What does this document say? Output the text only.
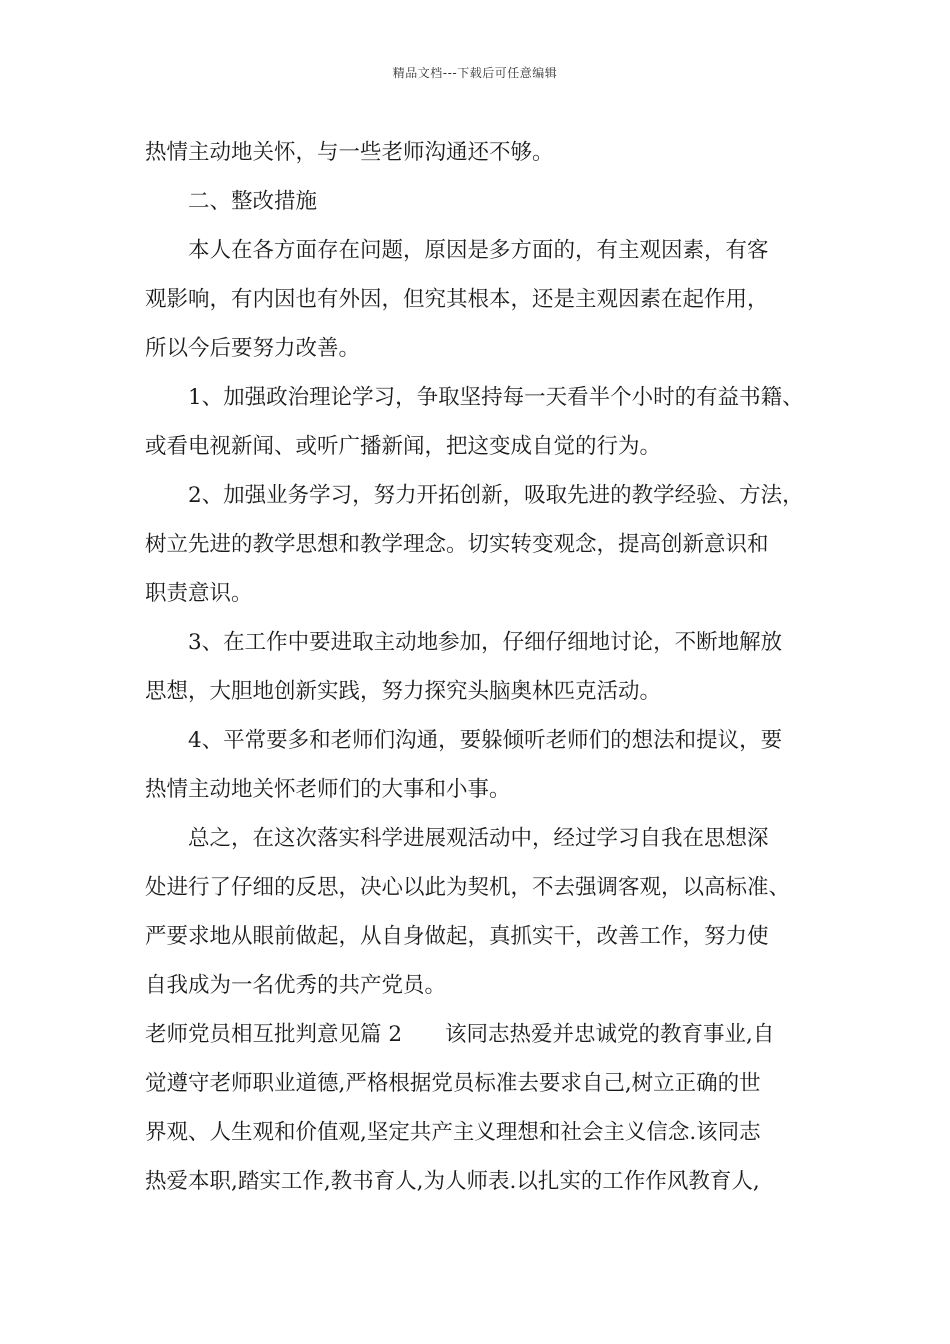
精品文档---下载后可任意编辑

热情主动地关怀，与一些老师沟通还不够。

二、整改措施

本人在各方面存在问题，原因是多方面的，有主观因素，有客

观影响，有内因也有外因，但究其根本，还是主观因素在起作用，

所以今后要努力改善。

1、加强政治理论学习，争取坚持每一天看半个小时的有益书籍、

或看电视新闻、或听广播新闻，把这变成自觉的行为。

2、加强业务学习，努力开拓创新，吸取先进的教学经验、方法，

树立先进的教学思想和教学理念。切实转变观念，提高创新意识和

职责意识。

3、在工作中要进取主动地参加，仔细仔细地讨论，不断地解放

思想，大胆地创新实践，努力探究头脑奥林匹克活动。

4、平常要多和老师们沟通，要躲倾听老师们的想法和提议，要

热情主动地关怀老师们的大事和小事。

总之，在这次落实科学进展观活动中，经过学习自我在思想深

处进行了仔细的反思，决心以此为契机，不去强调客观，以高标准、

严要求地从眼前做起，从自身做起，真抓实干，改善工作，努力使

自我成为一名优秀的共产党员。

老师党员相互批判意见篇 2　　该同志热爱并忠诚党的教育事业,自

觉遵守老师职业道德,严格根据党员标准去要求自己,树立正确的世

界观、人生观和价值观,坚定共产主义理想和社会主义信念.该同志

热爱本职,踏实工作,教书育人,为人师表.以扎实的工作作风教育人,
